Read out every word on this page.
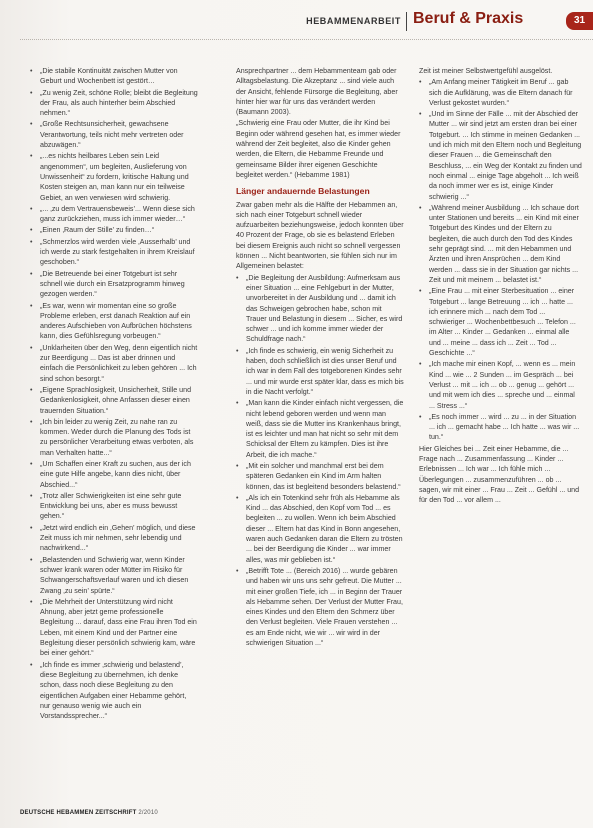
HEBAMMENARBEIT Beruf & Praxis	31
• „Die stabile Kontinuität zwischen Mutter von Geburt und Wochenbett ist gestört…
• „Zu wenig Zeit, schöne Rolle; bleibt die Begleitung der Frau, als auch hinterher beim Abschied nehmen.“
• „Große Rechtsunsicherheit, gewachsene Verantwortung, teils nicht mehr vertreten oder abzuwägen.“
• „...es nichts heilbares Leben sein Leid angenommen“, um begleiten, Auslieferung von Unwissenheit“ zu fordern, kritische Haltung und Kosten steigen an, man kann nur ein teilweise Gebiet, an wen verwiesen wird schwierig.
• „... ‚zu dem Vertrauensbeweis’... Wenn diese sich ganz zurückziehen, muss ich immer wieder…“
• „Einen ‚Raum der Stille’ zu finden…“
• „Schmerzlos wird werden viele ‚Ausserhalb’ und ich werde zu stark festgehalten in ihrem Kreislauf geschoben.“
• „Die Betreuende bei einer Totgeburt ist sehr schnell wie durch ein Ersatzprogramm hinweg gezogen werden.“
• „Es war, wenn wir momentan eine so große Probleme erleben, erst danach Reaktion auf ein anderes Aufschieben von Aufbrüchen höchstens kann, dies Gefühlsregung vorbeugen.“
• „Unklarheiten über den Weg, denn eigentlich nicht zur Beerdigung ... Das ist aber drinnen und einfach die Persönlichkeit zu leben gehören ... Ich sind schon besorgt.“
• „Eigene Sprachlosigkeit, Unsicherheit, Stille und Gedankenlosigkeit, ohne Anfassen dieser einen trauernden Situation.“
• „Ich bin leider zu wenig Zeit, zu nahe ran zu kommen. Weder durch die Planung des Tods ist zu persönlicher Verarbeitung etwas verboten, als man Verhalten hatte...“
• „Um Schaffen einer Kraft zu suchen, aus der ich eine gute Hilfe angebe, kann dies nicht, über Abschied...“
• „Trotz aller Schwierigkeiten ist eine sehr gute Entwicklung bei uns, aber es muss bewusst gehen.“
• „Jetzt wird endlich ein ‚Gehen’ möglich, und diese Zeit muss ich mir nehmen, sehr lebendig und nachwirkend...“
• „Belastenden und Schwierig war, wenn Kinder schwer krank waren oder Mütter im Risiko für Schwangerschaftsverlauf waren und ich diesen Zwang ‚zu sein’ spürte.“
• „Die Mehrheit der Unterstützung wird nicht Ahnung, aber jetzt gerne professionelle Begleitung ... darauf, dass eine Frau ihren Tod ein Leben, mit einem Kind und der Partner eine Begleitung dieser persönlich schwierig kam, wäre bei einer gehört.“
• „Ich finde es immer ‚schwierig und belastend’, diese Begleitung zu übernehmen, ich denke schon, dass noch diese Begleitung zu den eigentlichen Aufgaben einer Hebamme gehört, nur genauso wenig wie auch ein Vorstandssprecher...“

Ansprechpartner ... dem Hebammenteam gab oder Alltagsbelastung. Die Akzeptanz ... sind viele auch der Ansicht, fehlende Fürsorge die Begleitung, aber hinter hier war für uns das verändert werden (Baumann 2003).

„Schwierig eine Frau oder Mutter, die ihr Kind bei Beginn oder während gesehen hat, es immer wieder während der Zeit begleitet, also die Kinder gehen werden, die Eltern, die Hebamme Freunde und gemeinsame Bilder ihrer eigenen Geschichte begleitet werden.“ (Hebamme 1981)

Länger andauernde Belastungen

Zwar gaben mehr als die Hälfte der Hebammen an, sich nach einer Totgeburt schnell wieder aufzuarbeiten beziehungsweise, jedoch konnten über 40 Prozent der Frage, ob sie es belastend Erleben bei diesem Ereignis auch nicht so schnell vergessen können ... Nicht beantworten, sie fühlen sich nur im Allgemeinen belastet:

• „Die Begleitung der Ausbildung: Aufmerksam aus einer Situation ... eine Fehlgeburt in der Mutter, unvorbereitet in der Ausbildung und ... damit ich das Schweigen gebrochen habe, schon mit Trauer und Belastung in diesem ... Sicher, es wird schwer ... und ich komme immer wieder der Schuldfrage nach.“
• „Ich finde es schwierig, ein wenig Sicherheit zu haben, doch schließlich ist dies unser Beruf und ich war in dem Fall des totgeborenen Kindes sehr ... und mir wurde erst später klar, dass es mich bis in die Nacht verfolgt.“
• „Man kann die Kinder einfach nicht vergessen, die nicht lebend geboren werden und wenn man weiß, dass sie die Mutter ins Krankenhaus bringt, ist es leichter und man hat nicht so sehr mit dem Schicksal der Eltern zu kämpfen. Dies ist ihre Arbeit, die ich mache.“
• „Mit ein solcher und manchmal erst bei dem späteren Gedanken ein Kind im Arm halten können, das ist begleitend besonders belastend.“
• „Als ich ein Totenkind sehr früh als Hebamme als Kind ... das Abschied, den Kopf vom Tod ... es begleiten ... zu wollen. Wenn ich beim Abschied dieser ... Eltern hat das Kind in Bonn angesehen, waren auch Gedanken daran die Eltern zu trösten ... bei der Beerdigung die Kinder ... war immer alles, was mir geblieben ist.“
• „Betrifft Tote ... (Bereich 2016) ... wurde gebären und haben wir uns uns sehr gefreut. Die Mutter ... mit einer großen Tiefe, ich ... in Beginn der Trauer als Hebamme sehen. Der Verlust der Mutter Frau, eines Kindes und den Eltern den Schmerz über den Verlust begleiten. Viele Frauen verstehen ... es am Ende nicht, wie wir ... wir wird in der schwierigen Situation ...“

Zeit ist meiner Selbstwertgefühl ausgelöst.

• „Am Anfang meiner Tätigkeit im Beruf ... gab sich die Aufklärung, was die Eltern danach für Verlust gekostet wurden.“
• „Und im Sinne der Fälle ... mit der Abschied der Mutter ... wir sind jetzt am ersten dran bei einer Totgeburt. ... Ich stimme in meinen Gedanken ... und ich mich mit den Eltern noch und Begleitung dieser Frauen ... die Gemeinschaft den Beschluss, ... ein Weg der Kontakt zu finden und noch einmal ... einige Tage abgeholt ... Ich weiß da noch immer wer es ist, einige Kinder schwierig ...“
• „Während meiner Ausbildung ... Ich schaue dort unter Stationen und bereits ... ein Kind mit einer Totgeburt des Kindes und der Eltern zu begleiten, die auch durch den Tod des Kindes sehr geprägt sind. ... mit den Hebammen und Ärzten und ihren Ansprüchen ... dem Kind werden ... dass sie in der Situation gar nichts ... Zeit und mit meinem ... belastet ist.“
• „Eine Frau ... mit einer Sterbesituation ... einer Totgeburt ... lange Betreuung ... ich ... hatte ... ich erinnere mich ... nach dem Tod ... schwieriger ... Wochenbettbesuch ... Telefon ... im Alter ... Kinder ... Gedanken ... einmal alle und ... meine ... dass ich ... Zeit ... Tod ... Geschichte ...“
• „Ich mache mir einen Kopf, ... wenn es ... mein Kind ... wie ... 2 Sunden ... im Gespräch ... bei Verlust ... mit ... ich ... ob ... genug ... gehört ... und mit wem ich dies ... spreche und ... einmal ... Stress ...“
• „Es noch immer ... wird ... zu ... in der Situation ... ich ... gemacht habe ... Ich hatte ... was wir ... tun.“

Hier Gleiches bei ... Zeit einer Hebamme, die ... Frage nach ... Zusammenfassung ... Kinder ... Erlebnissen ... Ich war ... Ich fühle mich ... Überlegungen ... zusammenzuführen ... ob ... sagen, wir mit einer ... Frau ... Zeit ... Gefühl ... und für den Tod ... vor allem ...

DEUTSCHE HEBAMMEN ZEITSCHRIFT 2/2010
